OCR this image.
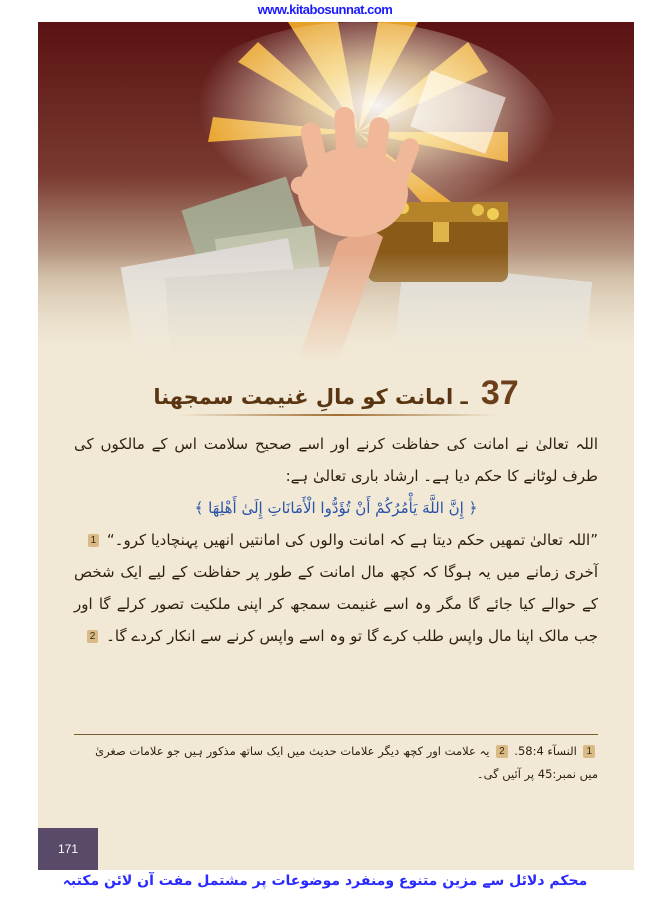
www.kitabosunnat.com
37 ـ امانت کو مالِ غنیمت سمجھنا

اللہ تعالیٰ نے امانت کی حفاظت کرنے اور اسے صحیح سلامت اس کے مالکوں کی طرف لوٹانے کا حکم دیا ہے۔ ارشاد باری تعالیٰ ہے:

﴿ إِنَّ اللَّهَ يَأْمُرُكُمْ أَنْ تُؤَدُّوا الْأَمَانَاتِ إِلَىٰ أَهْلِهَا ﴾

”اللہ تعالیٰ تمھیں حکم دیتا ہے کہ امانت والوں کی امانتیں انھیں پہنچادیا کرو۔“ 1

آخری زمانے میں یہ ہوگا کہ کچھ مال امانت کے طور پر حفاظت کے لیے ایک شخص کے حوالے کیا جائے گا مگر وہ اسے غنیمت سمجھ کر اپنی ملکیت تصور کرلے گا اور جب مالک اپنا مال واپس طلب کرے گا تو وہ اسے واپس کرنے سے انکار کردے گا۔ 2

1 النسآء 58:4. 2 یہ علامت اور کچھ دیگر علامات حدیث میں ایک ساتھ مذکور ہیں جو علامات صغریٰ میں نمبر:45 پر آئیں گی۔
171
محکم دلائل سے مزین متنوع ومنفرد موضوعات پر مشتمل مفت آن لائن مکتبہ
